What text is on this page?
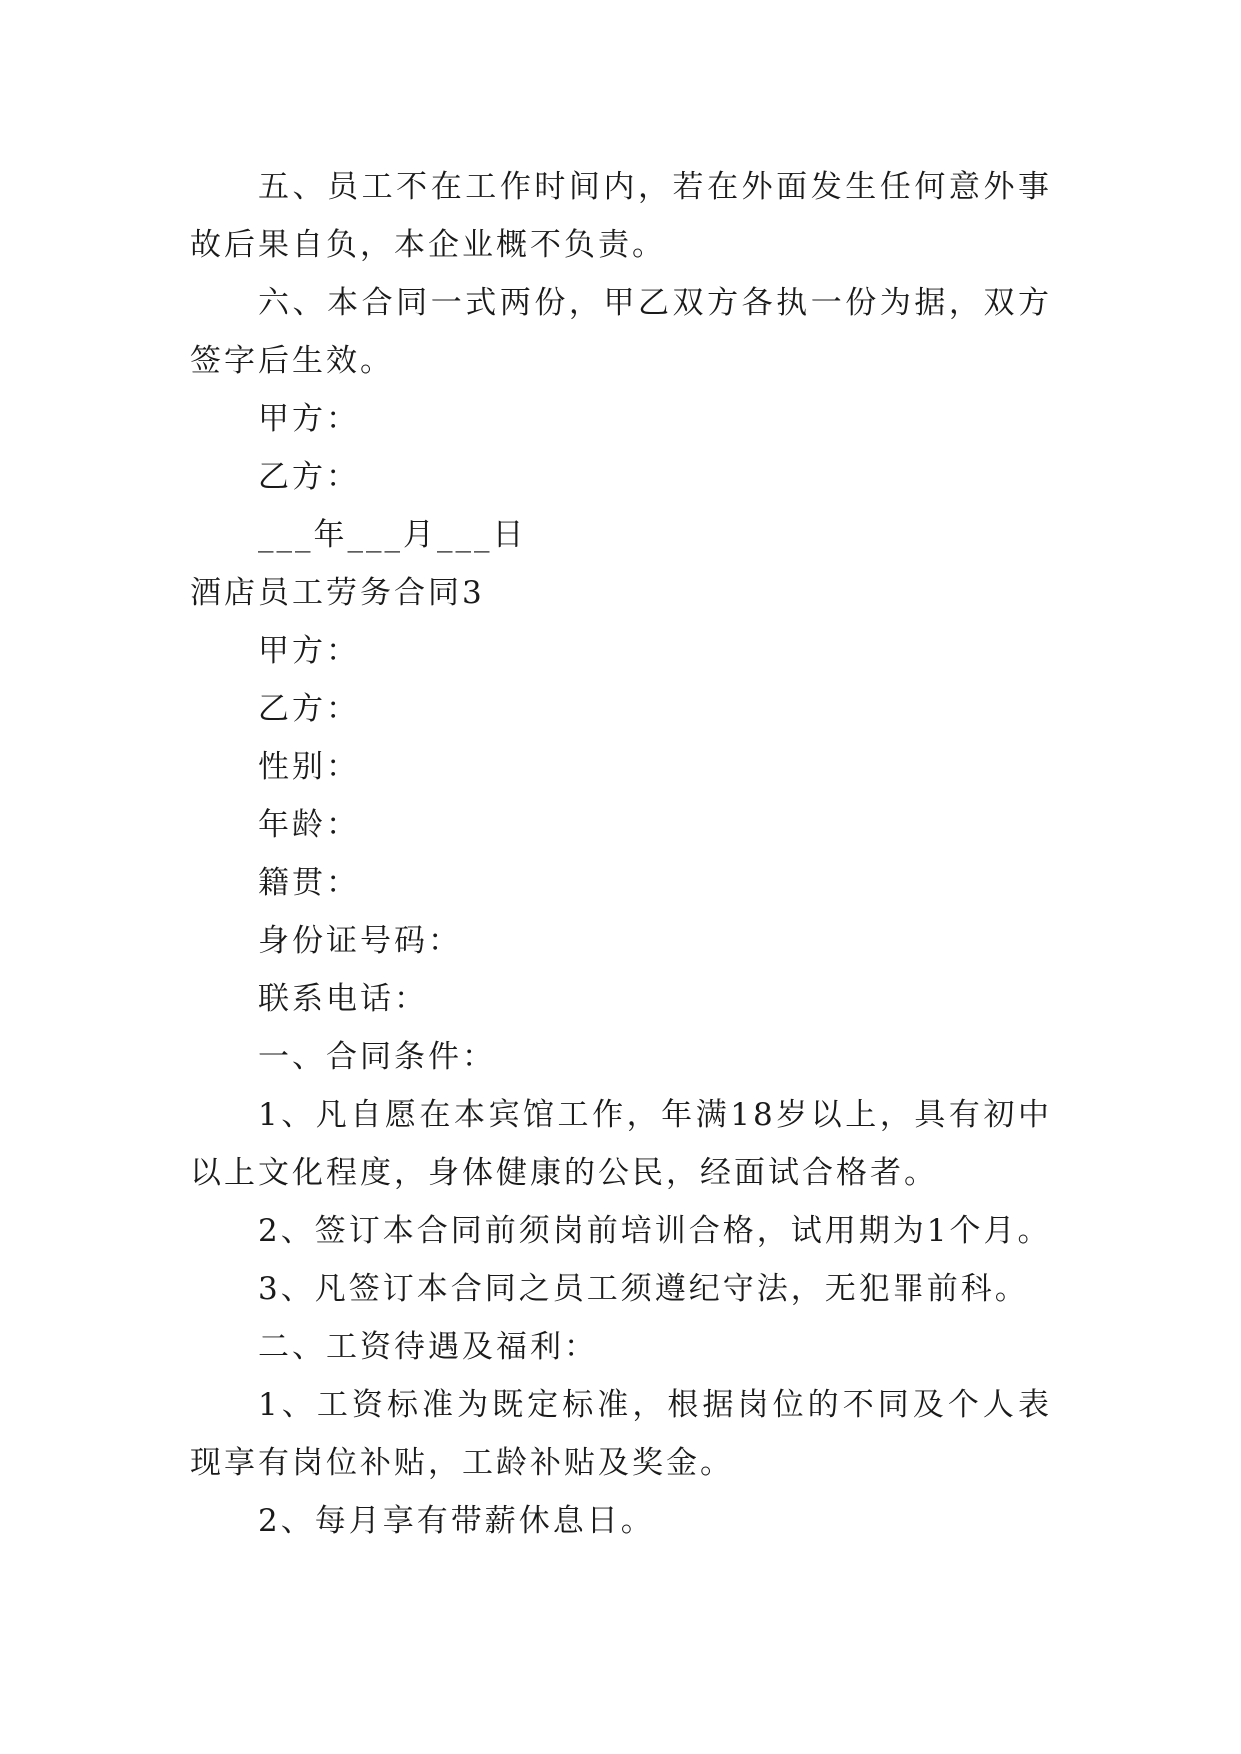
五、员工不在工作时间内，若在外面发生任何意外事故后果自负，本企业概不负责。

六、本合同一式两份，甲乙双方各执一份为据，双方签字后生效。

甲方：

乙方：

___年___月___日

酒店员工劳务合同3

甲方：

乙方：

性别：

年龄：

籍贯：

身份证号码：

联系电话：

一、合同条件：

1、凡自愿在本宾馆工作，年满18岁以上，具有初中以上文化程度，身体健康的公民，经面试合格者。

2、签订本合同前须岗前培训合格，试用期为1个月。

3、凡签订本合同之员工须遵纪守法，无犯罪前科。

二、工资待遇及福利：

1、工资标准为既定标准，根据岗位的不同及个人表现享有岗位补贴，工龄补贴及奖金。

2、每月享有带薪休息日。
